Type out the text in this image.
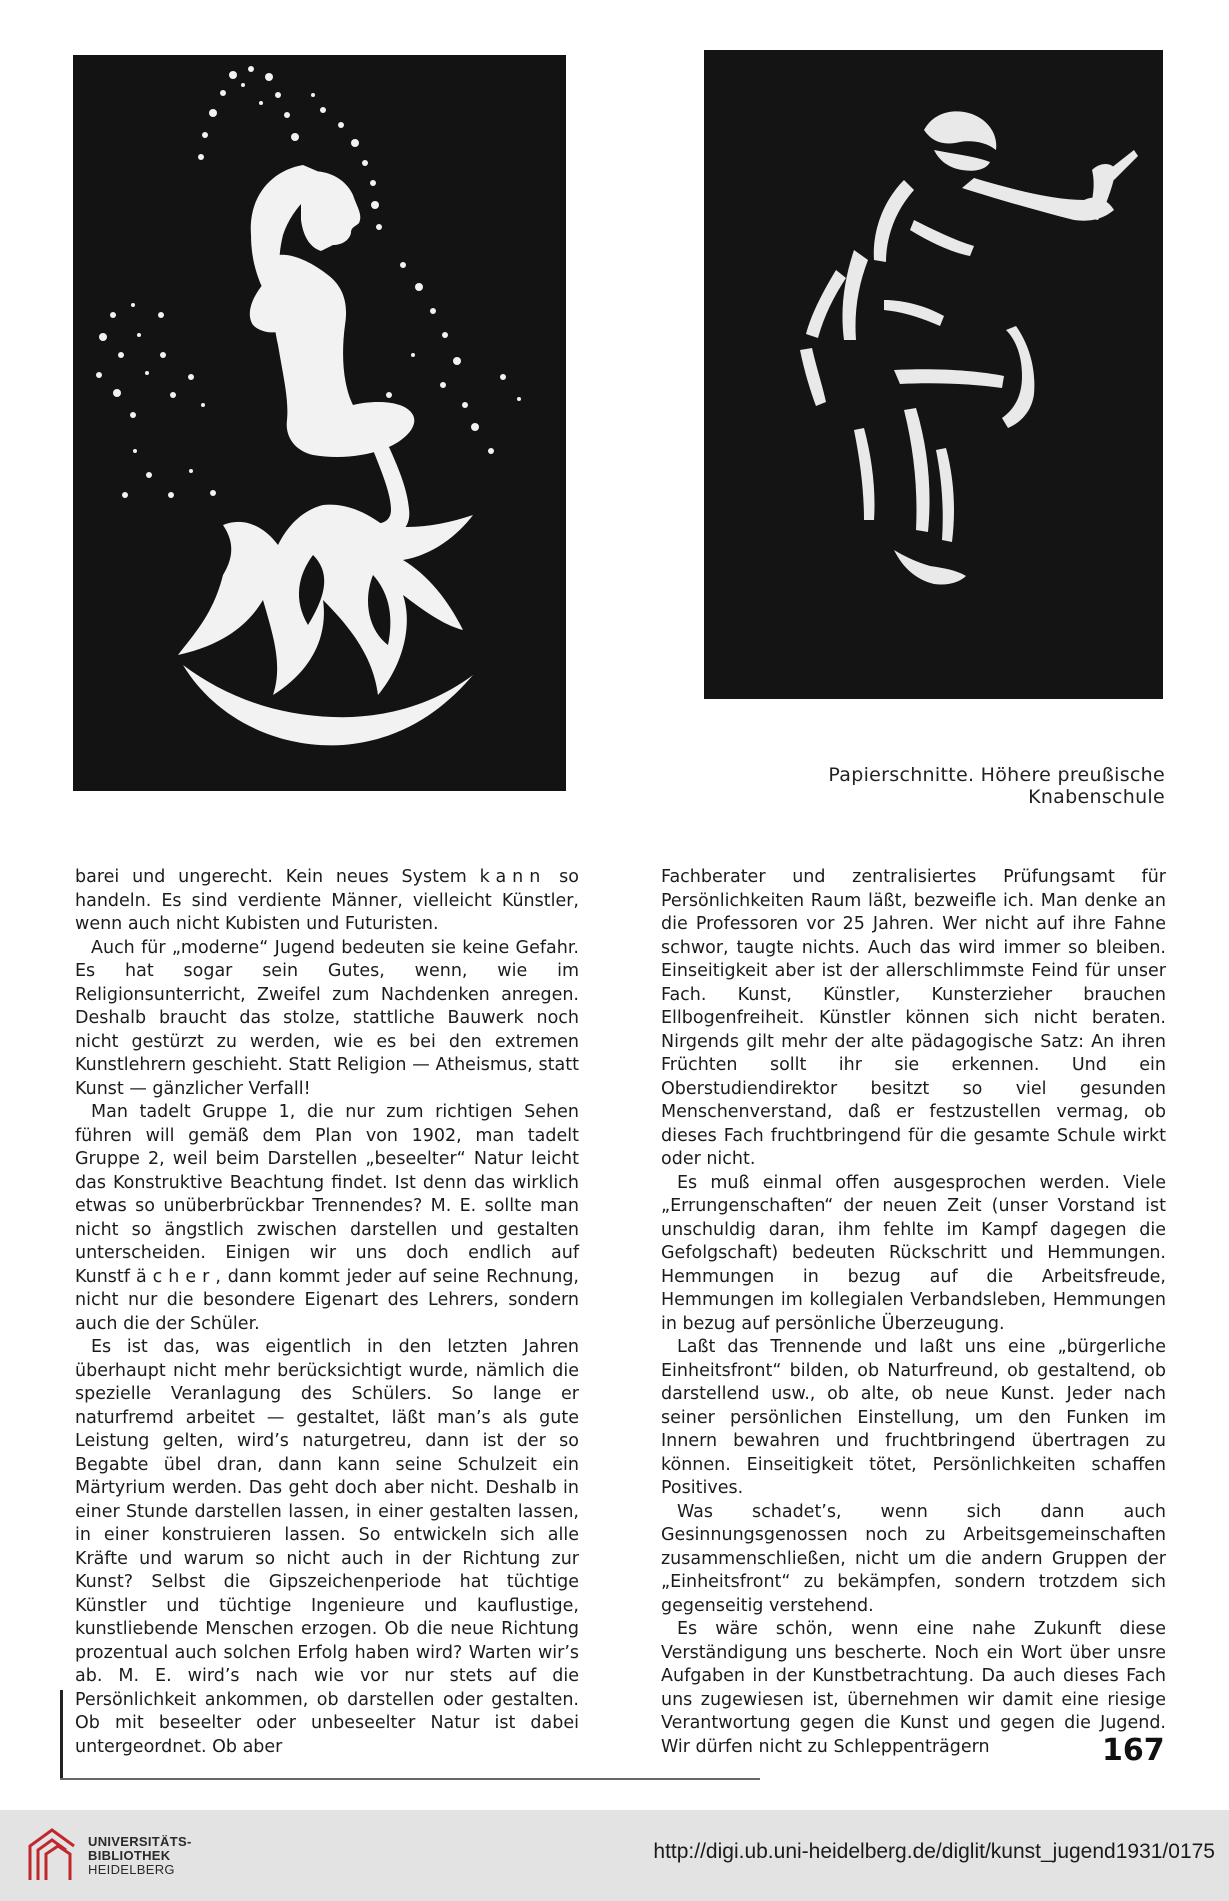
Papierschnitte. Höhere preußische Knabenschule

barei und ungerecht. Kein neues System kann so handeln. Es sind verdiente Männer, vielleicht Künstler, wenn auch nicht Kubisten und Futuristen.

Auch für „moderne“ Jugend bedeuten sie keine Gefahr. Es hat sogar sein Gutes, wenn, wie im Religionsunterricht, Zweifel zum Nachdenken anregen. Deshalb braucht das stolze, stattliche Bauwerk noch nicht gestürzt zu werden, wie es bei den extremen Kunstlehrern geschieht. Statt Religion — Atheismus, statt Kunst — gänzlicher Verfall!

Man tadelt Gruppe 1, die nur zum richtigen Sehen führen will gemäß dem Plan von 1902, man tadelt Gruppe 2, weil beim Darstellen „beseelter“ Natur leicht das Konstruktive Beachtung findet. Ist denn das wirklich etwas so unüberbrückbar Trennendes? M. E. sollte man nicht so ängstlich zwischen darstellen und gestalten unterscheiden. Einigen wir uns doch endlich auf Kunstfächer, dann kommt jeder auf seine Rechnung, nicht nur die besondere Eigenart des Lehrers, sondern auch die der Schüler.

Es ist das, was eigentlich in den letzten Jahren überhaupt nicht mehr berücksichtigt wurde, nämlich die spezielle Veranlagung des Schülers. So lange er naturfremd arbeitet — gestaltet, läßt man’s als gute Leistung gelten, wird’s naturgetreu, dann ist der so Begabte übel dran, dann kann seine Schulzeit ein Märtyrium werden. Das geht doch aber nicht. Deshalb in einer Stunde darstellen lassen, in einer gestalten lassen, in einer konstruieren lassen. So entwickeln sich alle Kräfte und warum so nicht auch in der Richtung zur Kunst? Selbst die Gipszeichenperiode hat tüchtige Künstler und tüchtige Ingenieure und kauflustige, kunstliebende Menschen erzogen. Ob die neue Richtung prozentual auch solchen Erfolg haben wird? Warten wir’s ab. M. E. wird’s nach wie vor nur stets auf die Persönlichkeit ankommen, ob darstellen oder gestalten. Ob mit beseelter oder unbeseelter Natur ist dabei untergeordnet. Ob aber

Fachberater und zentralisiertes Prüfungsamt für Persönlichkeiten Raum läßt, bezweifle ich. Man denke an die Professoren vor 25 Jahren. Wer nicht auf ihre Fahne schwor, taugte nichts. Auch das wird immer so bleiben. Einseitigkeit aber ist der allerschlimmste Feind für unser Fach. Kunst, Künstler, Kunsterzieher brauchen Ellbogenfreiheit. Künstler können sich nicht beraten. Nirgends gilt mehr der alte pädagogische Satz: An ihren Früchten sollt ihr sie erkennen. Und ein Oberstudiendirektor besitzt so viel gesunden Menschenverstand, daß er festzustellen vermag, ob dieses Fach fruchtbringend für die gesamte Schule wirkt oder nicht.

Es muß einmal offen ausgesprochen werden. Viele „Errungenschaften“ der neuen Zeit (unser Vorstand ist unschuldig daran, ihm fehlte im Kampf dagegen die Gefolgschaft) bedeuten Rückschritt und Hemmungen. Hemmungen in bezug auf die Arbeitsfreude, Hemmungen im kollegialen Verbandsleben, Hemmungen in bezug auf persönliche Überzeugung.

Laßt das Trennende und laßt uns eine „bürgerliche Einheitsfront“ bilden, ob Naturfreund, ob gestaltend, ob darstellend usw., ob alte, ob neue Kunst. Jeder nach seiner persönlichen Einstellung, um den Funken im Innern bewahren und fruchtbringend übertragen zu können. Einseitigkeit tötet, Persönlichkeiten schaffen Positives.

Was schadet’s, wenn sich dann auch Gesinnungsgenossen noch zu Arbeitsgemeinschaften zusammenschließen, nicht um die andern Gruppen der „Einheitsfront“ zu bekämpfen, sondern trotzdem sich gegenseitig verstehend.

Es wäre schön, wenn eine nahe Zukunft diese Verständigung uns bescherte. Noch ein Wort über unsre Aufgaben in der Kunstbetrachtung. Da auch dieses Fach uns zugewiesen ist, übernehmen wir damit eine riesige Verantwortung gegen die Kunst und gegen die Jugend. Wir dürfen nicht zu Schleppenträgern	167
UNIVERSITÄTS-
BIBLIOTHEK
HEIDELBERG
http://digi.ub.uni-heidelberg.de/diglit/kunst_jugend1931/0175
